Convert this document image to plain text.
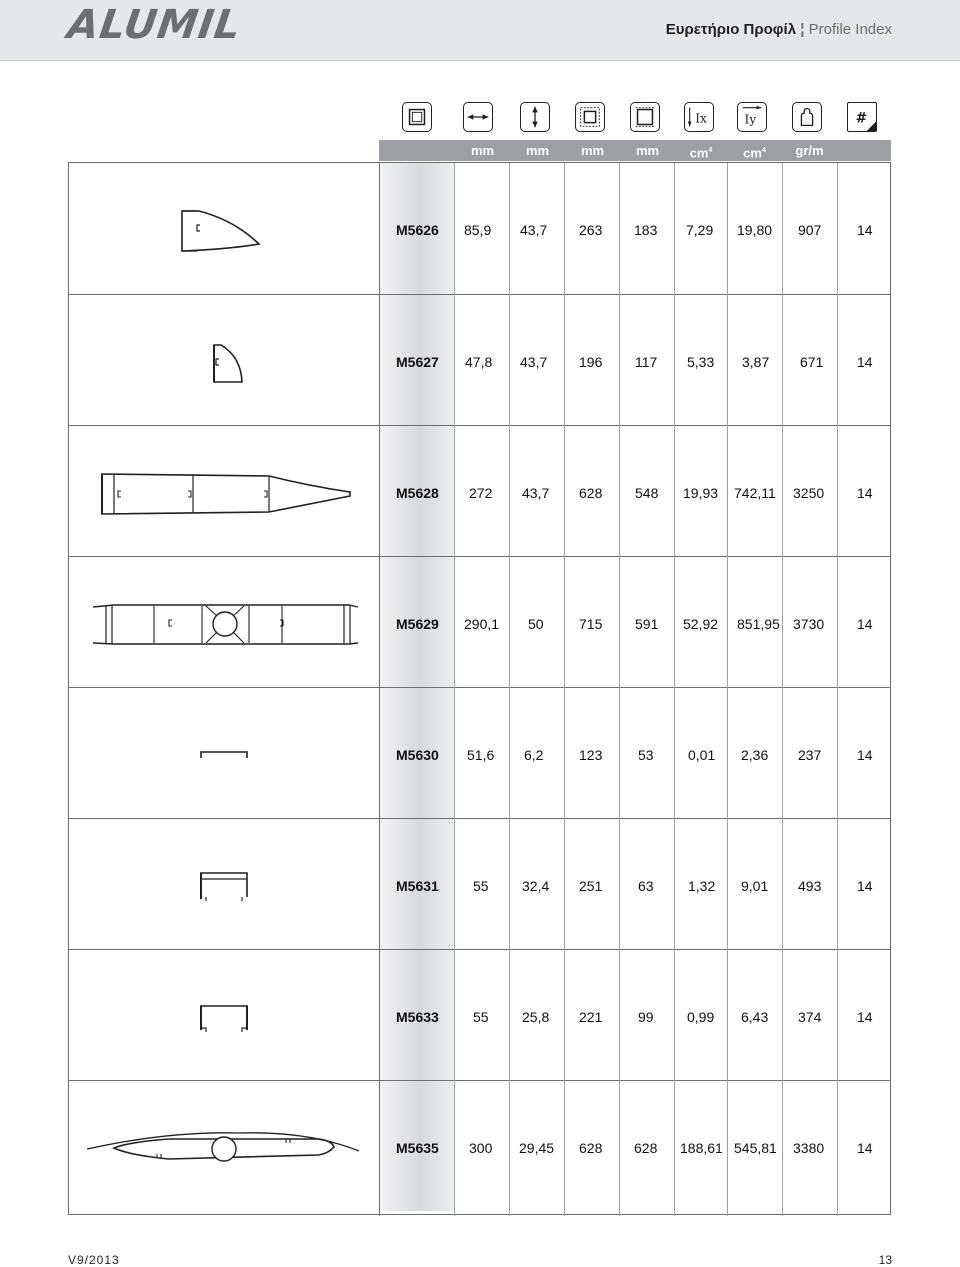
ALUMIL	Ευρετήριο Προφίλ ¦ Profile Index
Ix	Iy	#
mm	mm	mm	mm	$cm^4$	$cm^4$	gr/m
M5626 85,9 43,7 263 183 7,29 19,80 907	14
M5627 47,8 43,7 196 117 5,33 3,87 671 14
M5628 272 43,7 628 548 19,93 742,11 3250 14
M5629 290,1 50	715 591 52,92 851,95 3730 14
M5630 51,6 6,2	123	53 0,01 2,36 237	14
M5631 55 32,4 251	63 1,32 9,01 493	14
M5633 55 25,8 221	99 0,99 6,43 374	14
M5635 300 29,45 628 628 188,61 545,81 3380 14
V9/2013	13
